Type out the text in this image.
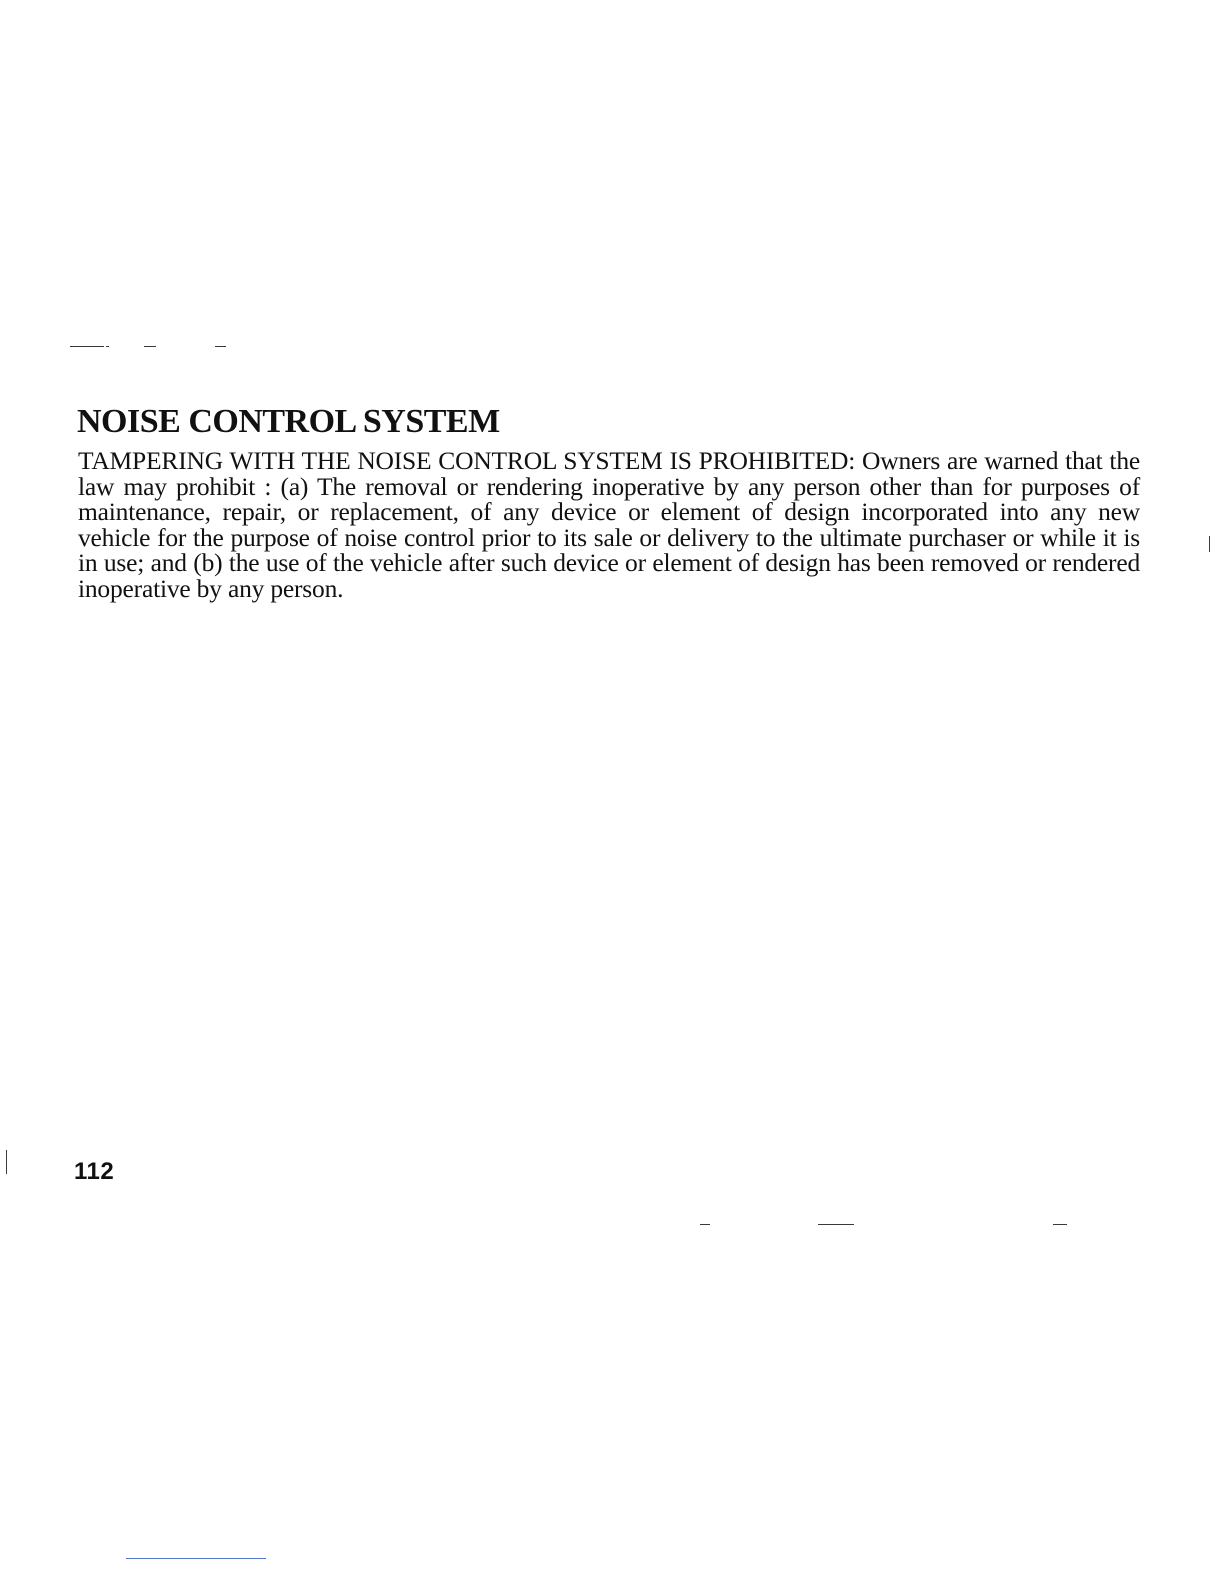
NOISE CONTROL SYSTEM

TAMPERING WITH THE NOISE CONTROL SYSTEM IS PROHIBITED: Owners are warned that the law may prohibit : (a) The removal or rendering inoperative by any person other than for purposes of maintenance, repair, or replacement, of any device or element of design incorporated into any new vehicle for the purpose of noise control prior to its sale or delivery to the ultimate purchaser or while it is in use; and (b) the use of the vehicle after such device or element of design has been removed or rendered inoperative by any person.

112
